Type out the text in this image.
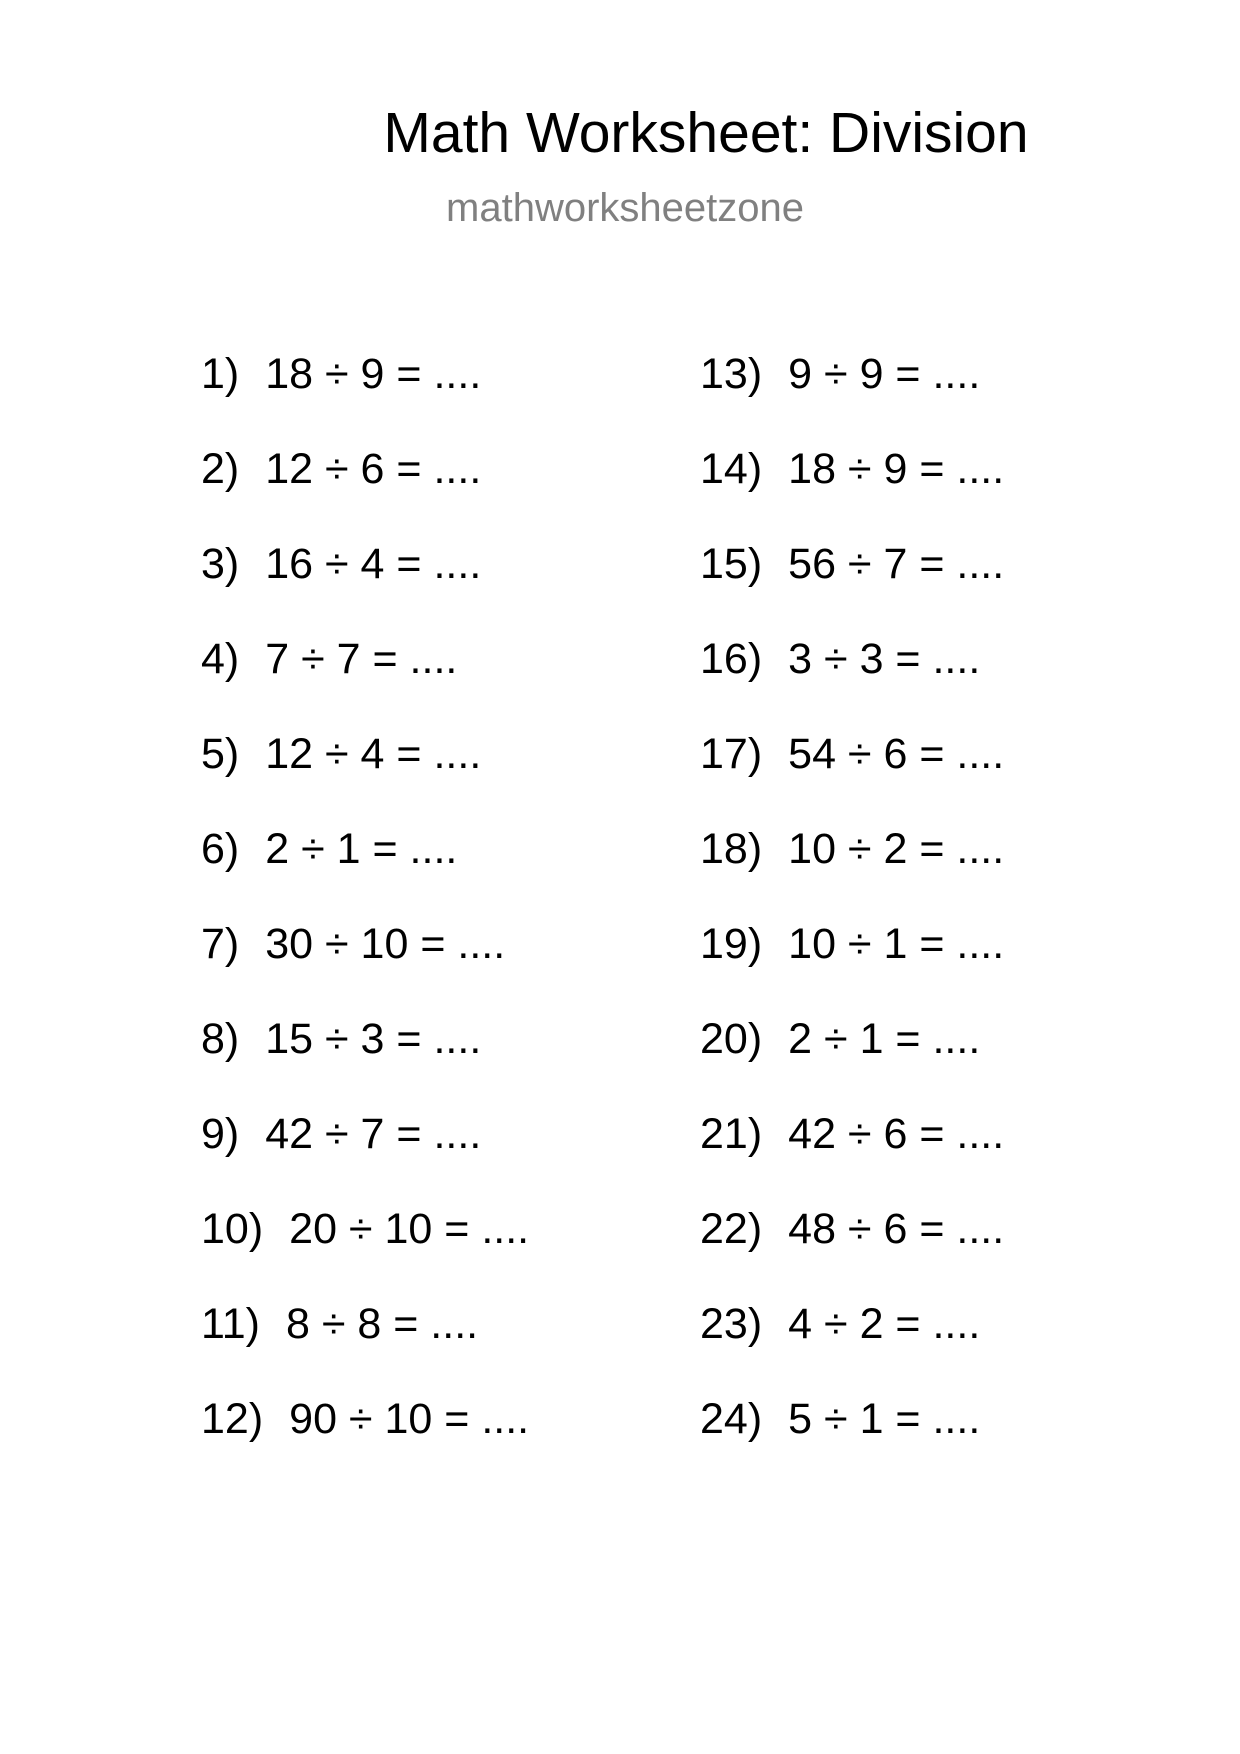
Math Worksheet: Division
mathworksheetzone
1) 18 ÷ 9 = ....
2) 12 ÷ 6 = ....
3) 16 ÷ 4 = ....
4) 7 ÷ 7 = ....
5) 12 ÷ 4 = ....
6) 2 ÷ 1 = ....
7) 30 ÷ 10 = ....
8) 15 ÷ 3 = ....
9) 42 ÷ 7 = ....
10) 20 ÷ 10 = ....
11) 8 ÷ 8 = ....
12) 90 ÷ 10 = ....
13) 9 ÷ 9 = ....
14) 18 ÷ 9 = ....
15) 56 ÷ 7 = ....
16) 3 ÷ 3 = ....
17) 54 ÷ 6 = ....
18) 10 ÷ 2 = ....
19) 10 ÷ 1 = ....
20) 2 ÷ 1 = ....
21) 42 ÷ 6 = ....
22) 48 ÷ 6 = ....
23) 4 ÷ 2 = ....
24) 5 ÷ 1 = ....
